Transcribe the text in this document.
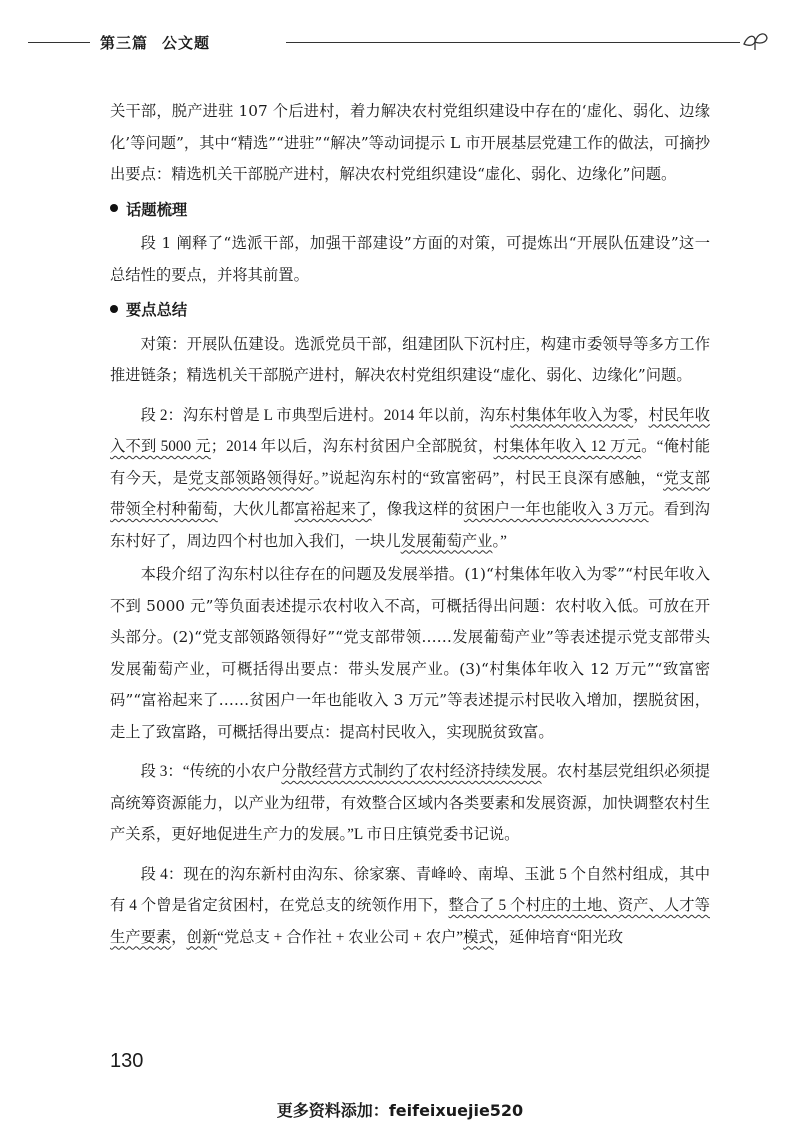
第三篇 公文题

关干部，脱产进驻 107 个后进村，着力解决农村党组织建设中存在的‘虚化、弱化、边缘化’等问题”，其中“精选”“进驻”“解决”等动词提示 L 市开展基层党建工作的做法，可摘抄出要点：精选机关干部脱产进村，解决农村党组织建设“虚化、弱化、边缘化”问题。

话题梳理

段 1 阐释了“选派干部，加强干部建设”方面的对策，可提炼出“开展队伍建设”这一总结性的要点，并将其前置。

要点总结

对策：开展队伍建设。选派党员干部，组建团队下沉村庄，构建市委领导等多方工作推进链条；精选机关干部脱产进村，解决农村党组织建设“虚化、弱化、边缘化”问题。

段 2：沟东村曾是 L 市典型后进村。2014 年以前，沟东村集体年收入为零，村民年收入不到 5000 元；2014 年以后，沟东村贫困户全部脱贫，村集体年收入 12 万元。“俺村能有今天，是党支部领路领得好。”说起沟东村的“致富密码”，村民王良深有感触，“党支部带领全村种葡萄，大伙儿都富裕起来了，像我这样的贫困户一年也能收入 3 万元。看到沟东村好了，周边四个村也加入我们，一块儿发展葡萄产业。”

本段介绍了沟东村以往存在的问题及发展举措。(1)“村集体年收入为零”“村民年收入不到 5000 元”等负面表述提示农村收入不高，可概括得出问题：农村收入低。可放在开头部分。(2)“党支部领路领得好”“党支部带领……发展葡萄产业”等表述提示党支部带头发展葡萄产业，可概括得出要点：带头发展产业。(3)“村集体年收入 12 万元”“致富密码”“富裕起来了……贫困户一年也能收入 3 万元”等表述提示村民收入增加，摆脱贫困，走上了致富路，可概括得出要点：提高村民收入，实现脱贫致富。

段 3：“传统的小农户分散经营方式制约了农村经济持续发展。农村基层党组织必须提高统筹资源能力，以产业为纽带，有效整合区域内各类要素和发展资源，加快调整农村生产关系，更好地促进生产力的发展。”L 市日庄镇党委书记说。

段 4：现在的沟东新村由沟东、徐家寨、青峰岭、南埠、玉泚 5 个自然村组成，其中有 4 个曾是省定贫困村，在党总支的统领作用下，整合了 5 个村庄的土地、资产、人才等生产要素，创新“党总支 + 合作社 + 农业公司 + 农户”模式，延伸培育“阳光玫

130
更多资料添加：feifeixuejie520
